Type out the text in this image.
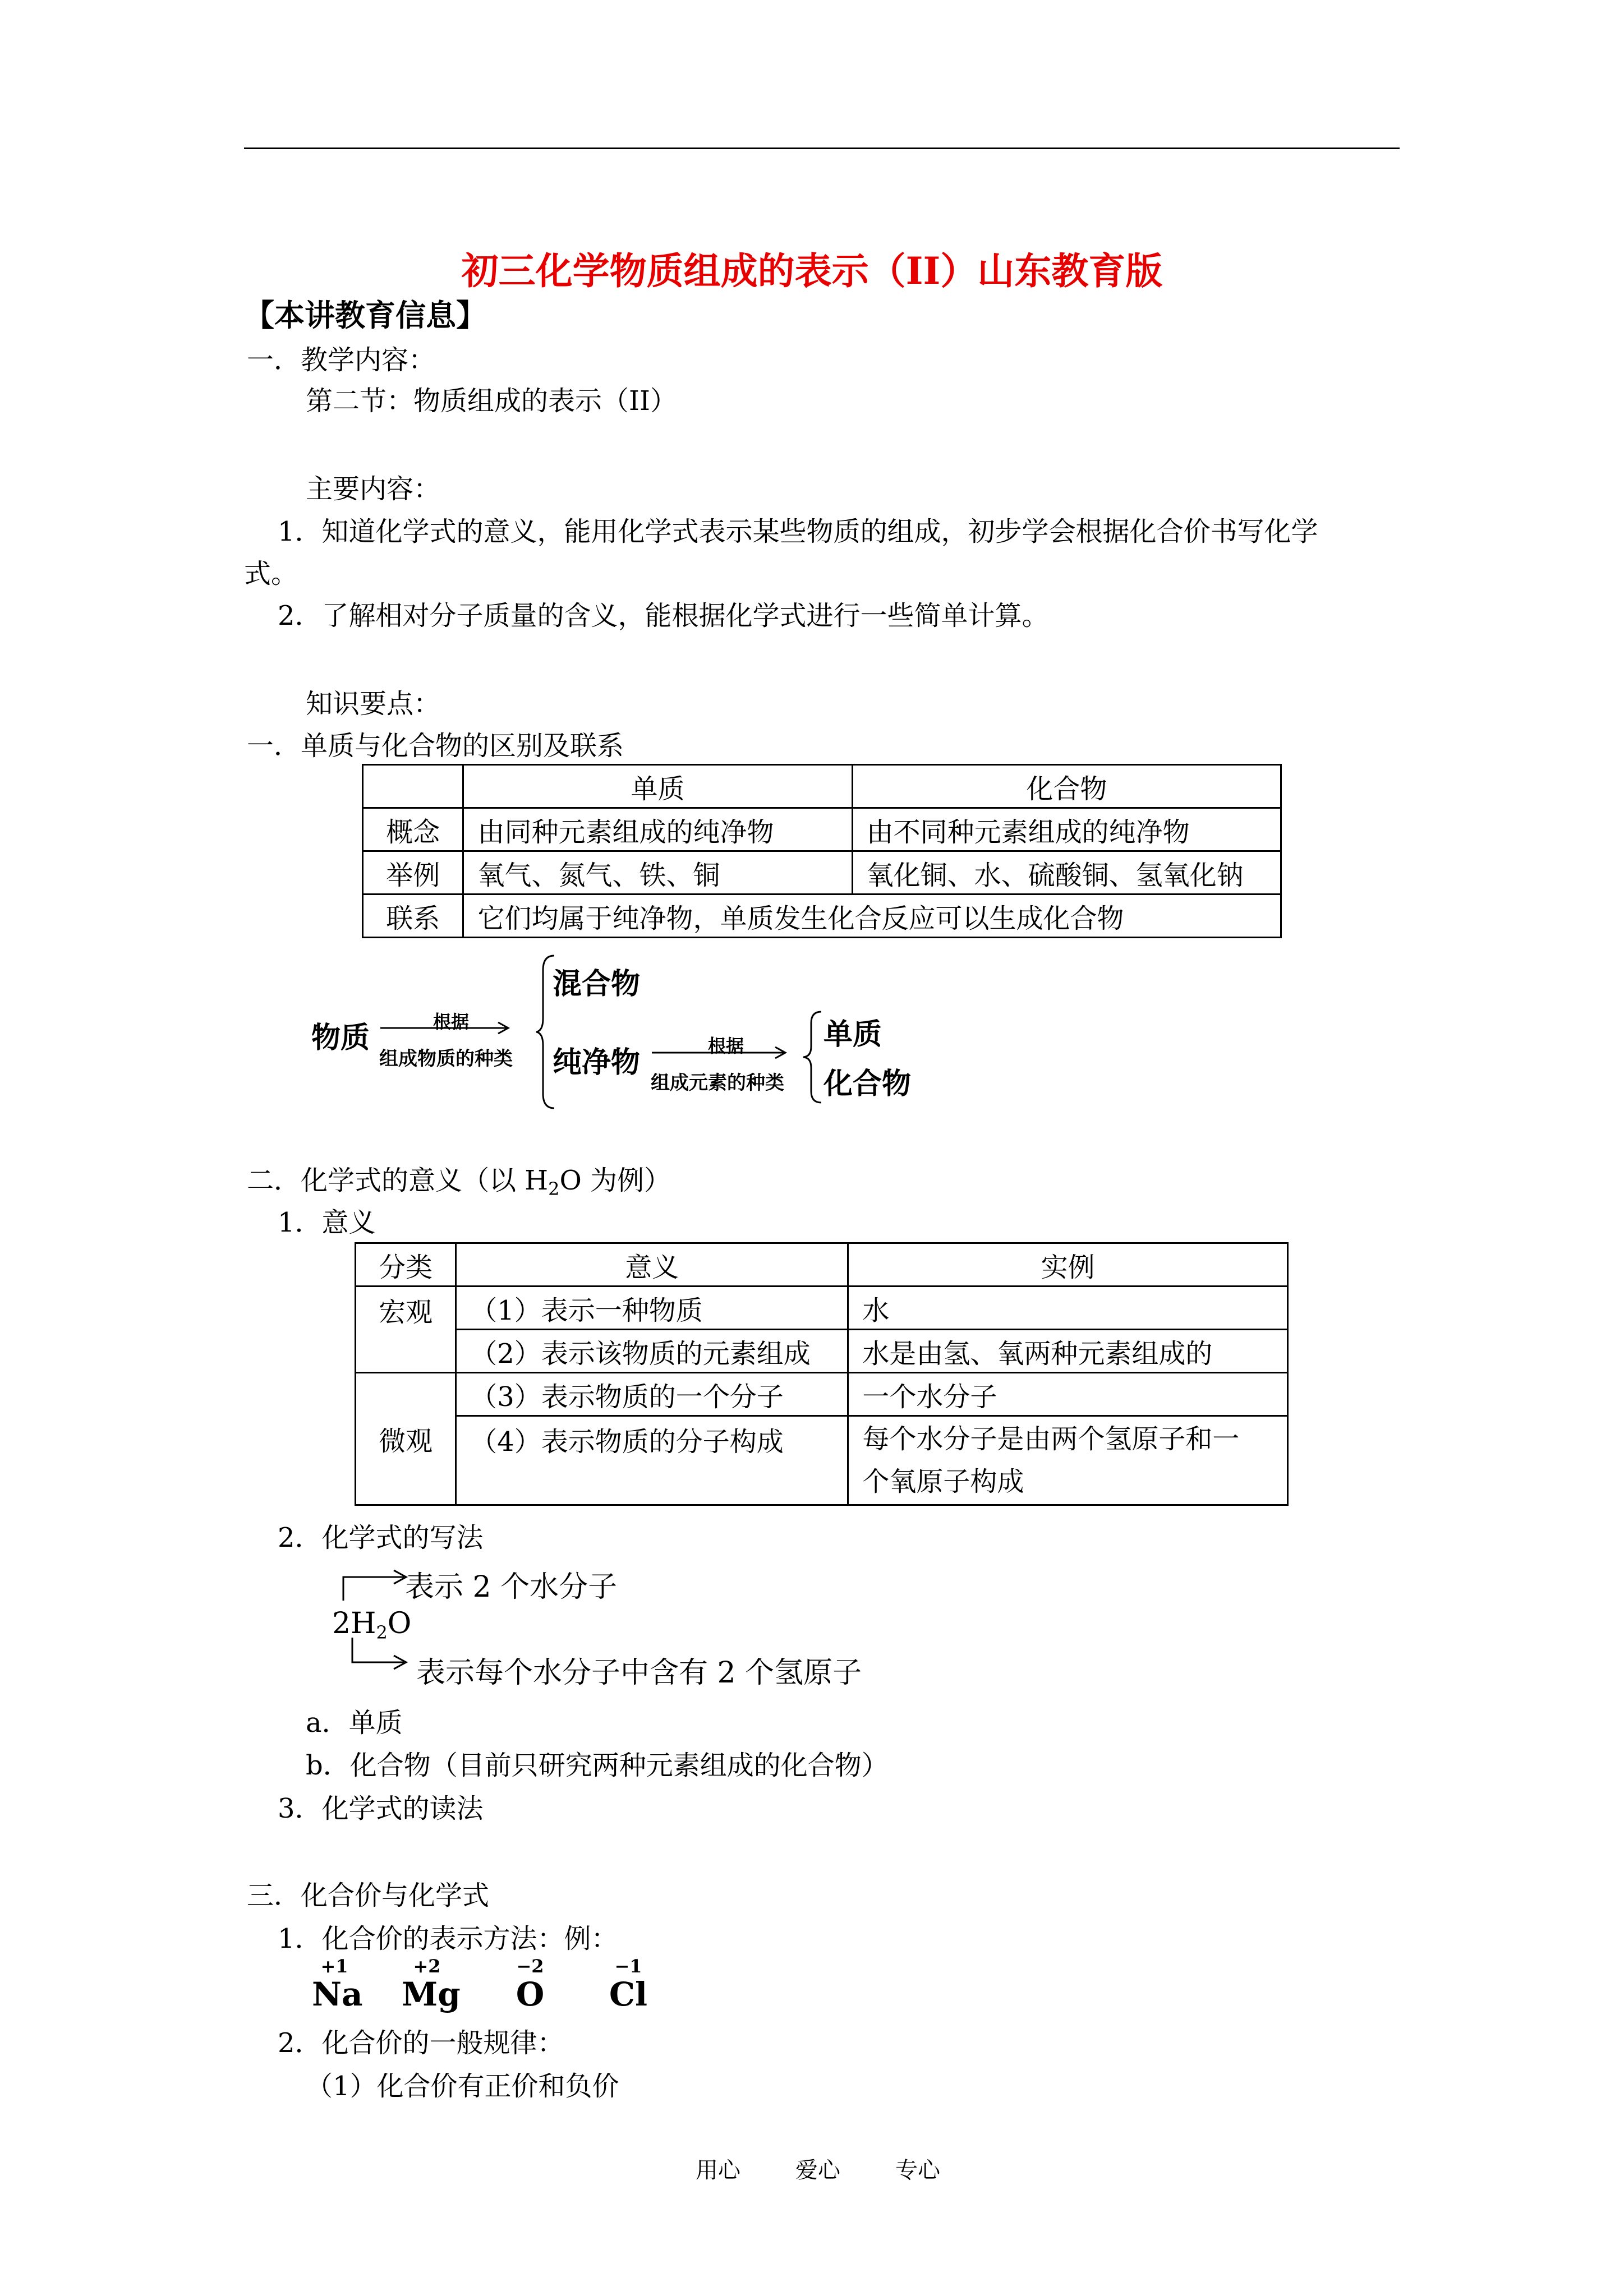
初三化学物质组成的表示（II）山东教育版
【本讲教育信息】
一．教学内容：
第二节：物质组成的表示（II）
主要内容：
1．知道化学式的意义，能用化学式表示某些物质的组成，初步学会根据化合价书写化学
式。
2．了解相对分子质量的含义，能根据化学式进行一些简单计算。
知识要点：
一．单质与化合物的区别及联系
	单质	化合物
概念	由同种元素组成的纯净物	由不同种元素组成的纯净物
举例	氧气、氮气、铁、铜	氧化铜、水、硫酸铜、氢氧化钠
联系	它们均属于纯净物，单质发生化合反应可以生成化合物	
物质	根据
组成物质的种类
混合物
纯净物	根据
组成元素的种类
单质
化合物
二．化学式的意义（以 $H_2O$ 为例）
1．意义
分类	意义	实例
宏观	（1）表示一种物质	水
	（2）表示该物质的元素组成	水是由氢、氧两种元素组成的
微观	（3）表示物质的一个分子	一个水分子
	（4）表示物质的分子构成	每个水分子是由两个氢原子和一
个氧原子构成
2．化学式的写法
表示 2 个水分子
$2H_2O$
表示每个水分子中含有 2 个氢原子
a．单质
b．化合物（目前只研究两种元素组成的化合物）
3．化学式的读法
三．化合价与化学式
1．化合价的表示方法：例：
+1
Na
+2
Mg
−2
O
−1
Cl
2．化合价的一般规律：
（1）化合价有正价和负价
用心 爱心 专心
